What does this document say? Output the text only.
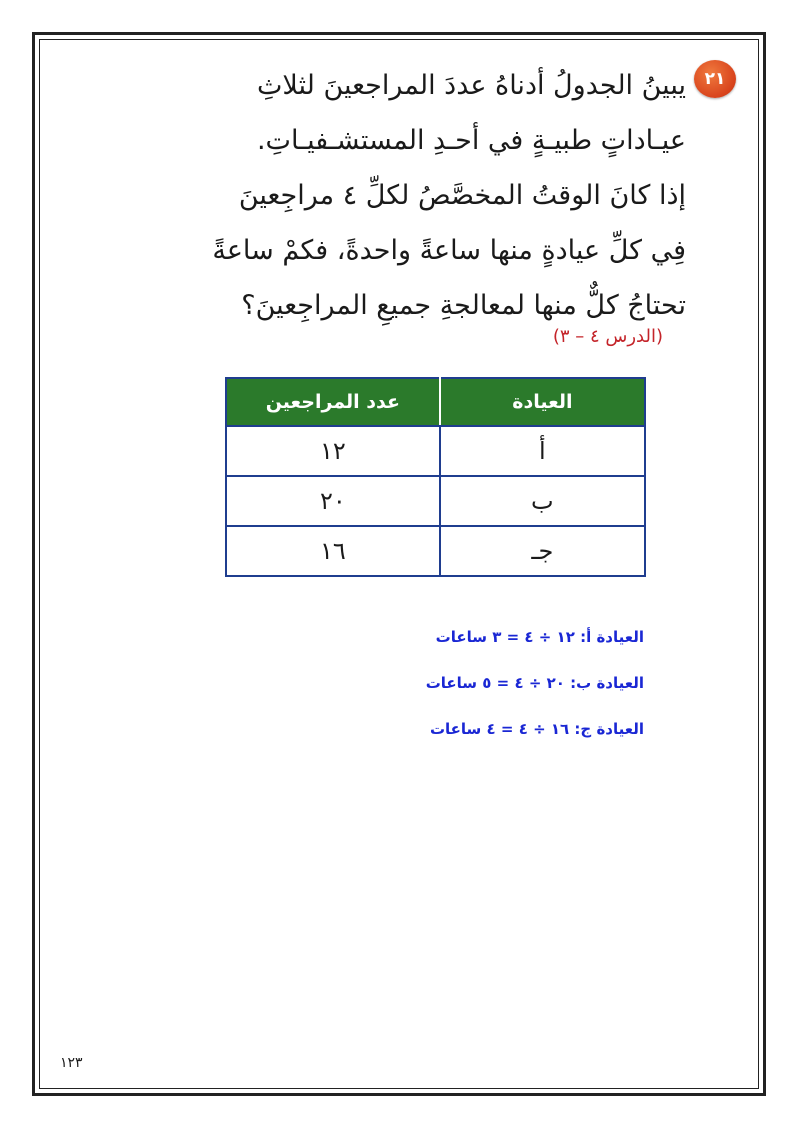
٢١
يبينُ الجدولُ أدناهُ عددَ المراجعينَ لثلاثِ
عيـاداتٍ طبيـةٍ في أحـدِ المستشـفيـاتِ.
إذا كانَ الوقتُ المخصَّصُ لكلِّ ٤ مراجِعينَ
فِي كلِّ عيادةٍ منها ساعةً واحدةً، فكمْ ساعةً
تحتاجُ كلٌّ منها لمعالجةِ جميعِ المراجِعينَ؟
(الدرس ٤ – ٣)
العيادة	عدد المراجعين
أ	١٢
ب	٢٠
جـ	١٦
العيادة أ: ١٢ ÷ ٤ = ٣ ساعات
العيادة ب: ٢٠ ÷ ٤ = ٥ ساعات
العيادة ج: ١٦ ÷ ٤ = ٤ ساعات
١٢٣
